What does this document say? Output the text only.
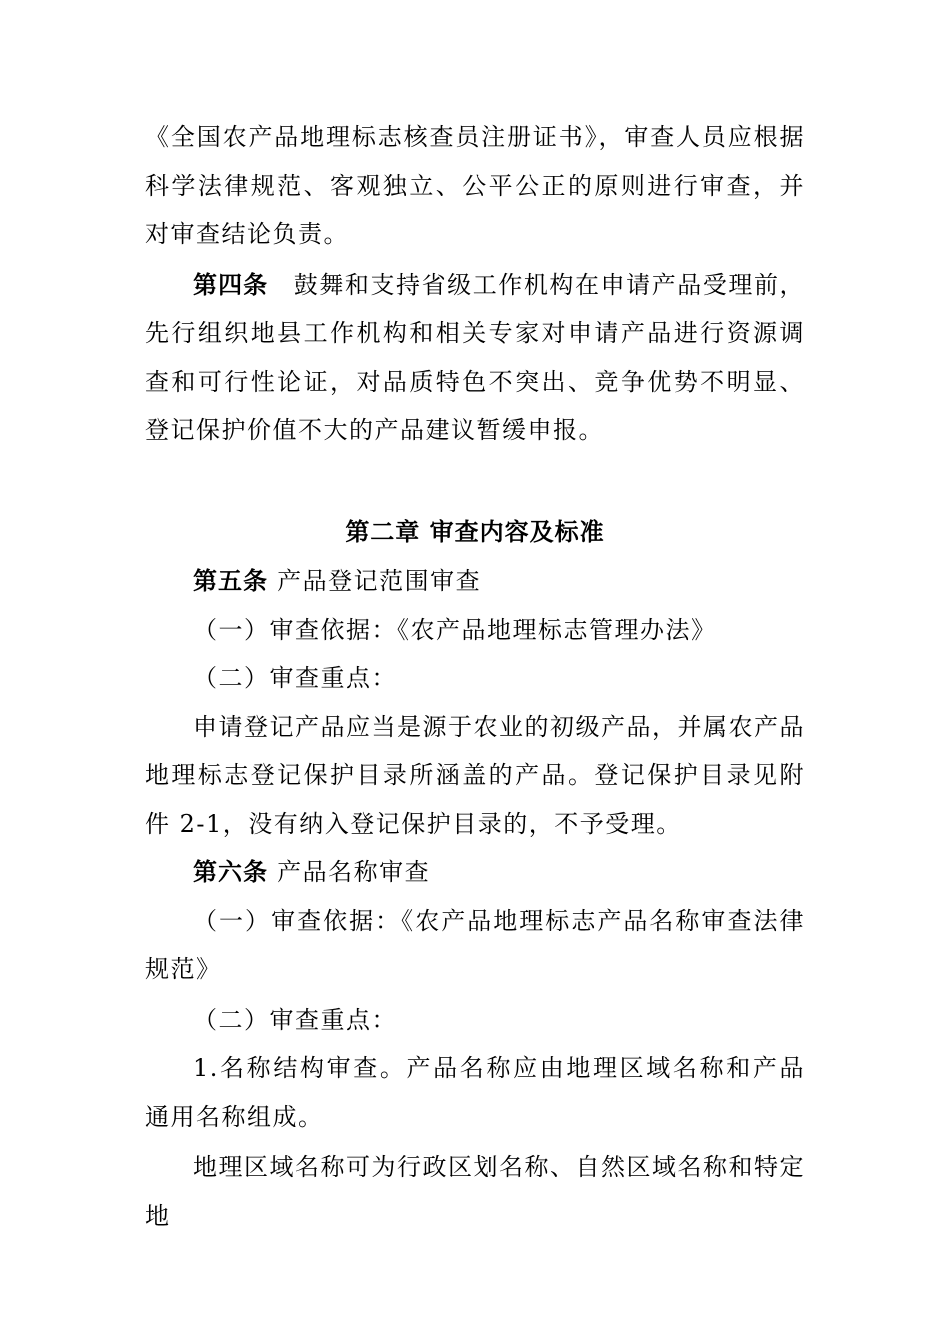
《全国农产品地理标志核查员注册证书》，审查人员应根据科学法律规范、客观独立、公平公正的原则进行审查，并对审查结论负责。

第四条　 鼓舞和支持省级工作机构在申请产品受理前，先行组织地县工作机构和相关专家对申请产品进行资源调查和可行性论证，对品质特色不突出、竞争优势不明显、登记保护价值不大的产品建议暂缓申报。

第二章 审查内容及标准

第五条 产品登记范围审查

（一）审查依据：《农产品地理标志管理办法》

（二）审查重点：

申请登记产品应当是源于农业的初级产品，并属农产品地理标志登记保护目录所涵盖的产品。登记保护目录见附件 2-1，没有纳入登记保护目录的，不予受理。

第六条 产品名称审查

（一）审查依据：《农产品地理标志产品名称审查法律规范》

（二）审查重点：

1.名称结构审查。产品名称应由地理区域名称和产品通用名称组成。

地理区域名称可为行政区划名称、自然区域名称和特定地
